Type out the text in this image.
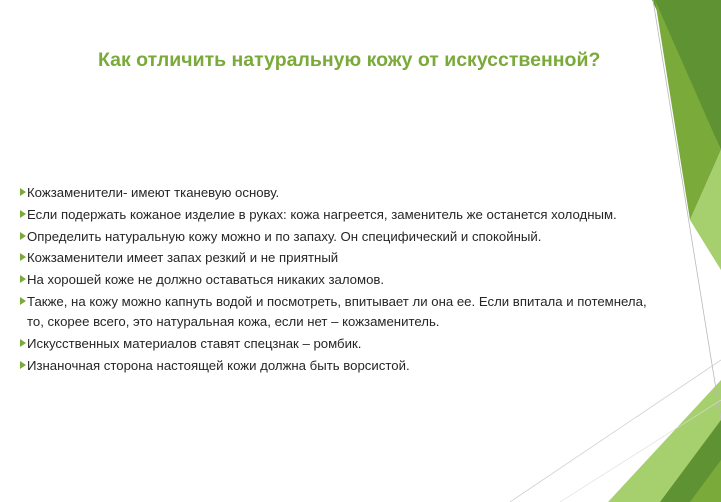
Как отличить натуральную кожу от искусственной?
Кожзаменители- имеют тканевую основу.
Если подержать кожаное изделие в руках: кожа нагреется, заменитель же останется холодным.
Определить натуральную кожу можно и по запаху. Он специфический и спокойный.
Кожзаменители имеет запах резкий и не приятный
На хорошей коже не должно оставаться никаких заломов.
Также, на кожу можно капнуть водой и посмотреть, впитывает ли она ее. Если впитала и потемнела, то, скорее всего, это натуральная кожа, если нет – кожзаменитель.
Искусственных материалов ставят спецзнак – ромбик.
Изнаночная сторона настоящей кожи должна быть ворсистой.
